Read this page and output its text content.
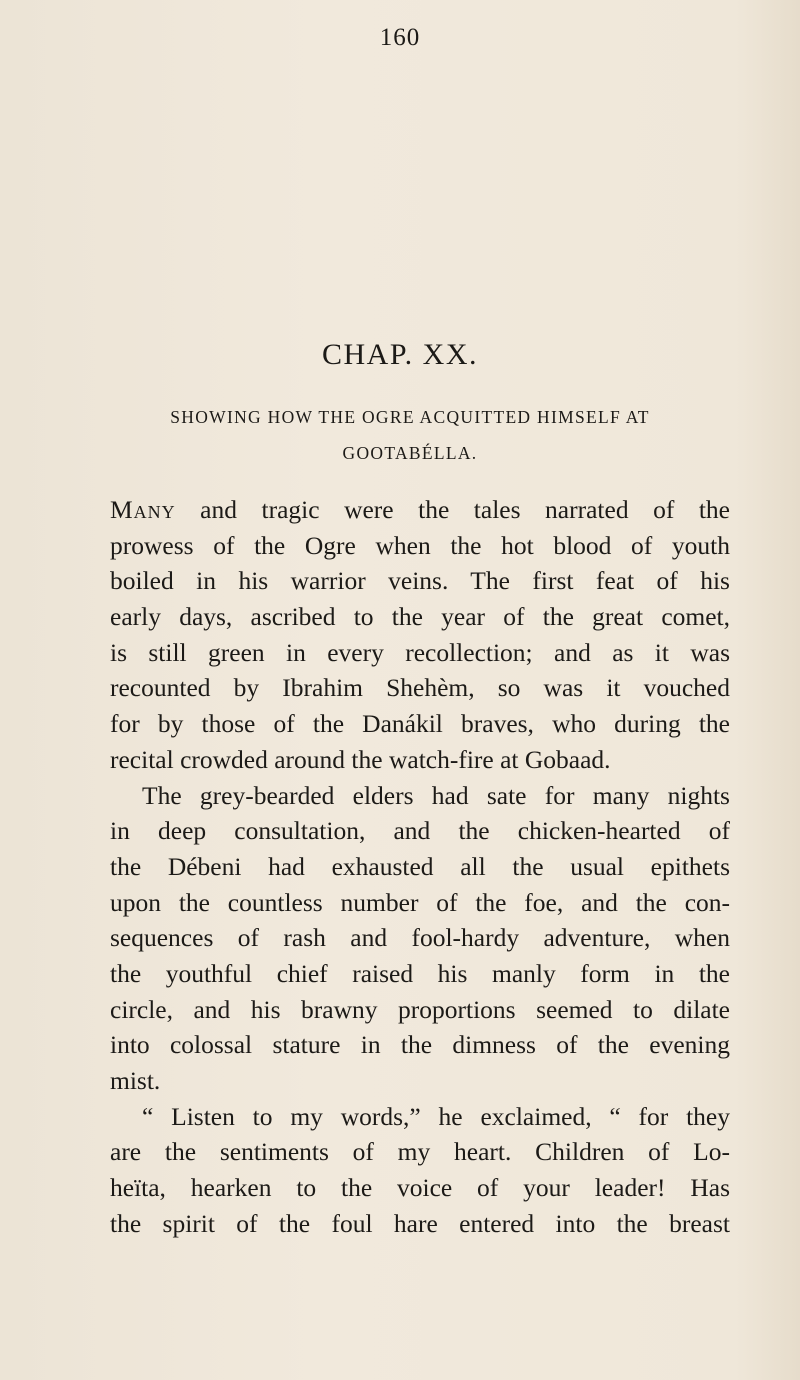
160
CHAP. XX.
SHOWING HOW THE OGRE ACQUITTED HIMSELF AT
GOOTABÉLLA.
Many and tragic were the tales narrated of the
prowess of the Ogre when the hot blood of youth
boiled in his warrior veins. The first feat of his
early days, ascribed to the year of the great comet,
is still green in every recollection; and as it was
recounted by Ibrahim Shehèm, so was it vouched
for by those of the Danákil braves, who during the
recital crowded around the watch-fire at Gobaad.
The grey-bearded elders had sate for many nights
in deep consultation, and the chicken-hearted of
the Débeni had exhausted all the usual epithets
upon the countless number of the foe, and the con-
sequences of rash and fool-hardy adventure, when
the youthful chief raised his manly form in the
circle, and his brawny proportions seemed to dilate
into colossal stature in the dimness of the evening
mist.
“ Listen to my words,” he exclaimed, “ for they
are the sentiments of my heart. Children of Lo-
heïta, hearken to the voice of your leader! Has
the spirit of the foul hare entered into the breast
